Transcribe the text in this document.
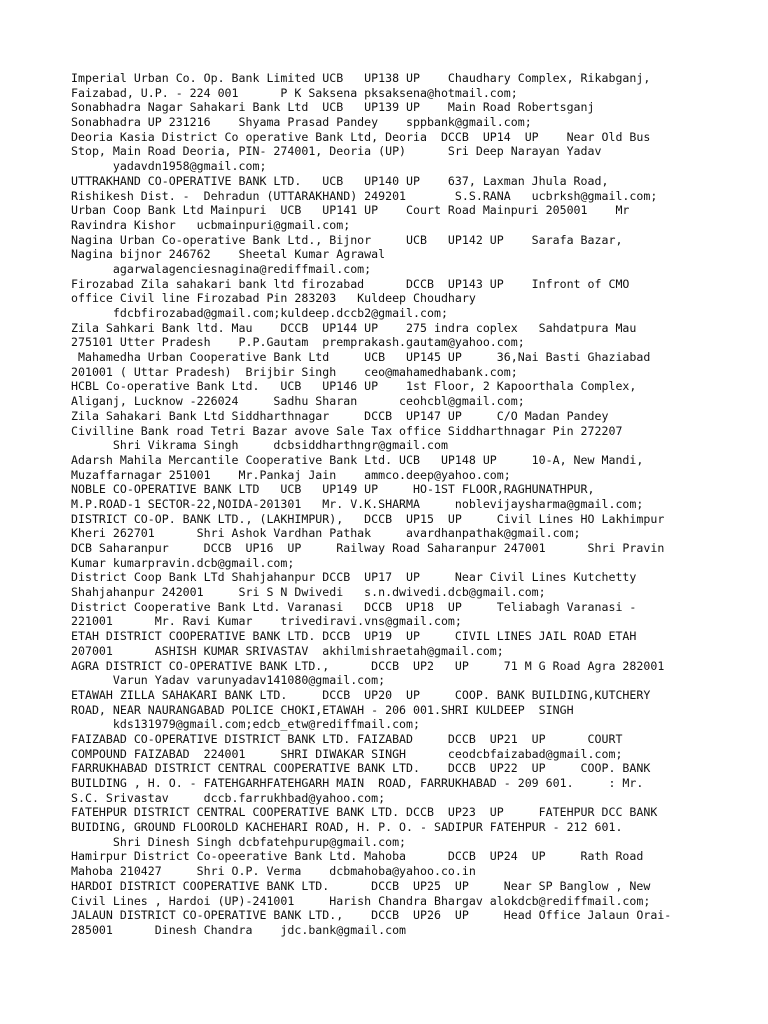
Imperial Urban Co. Op. Bank Limited UCB   UP138 UP    Chaudhary Complex, Rikabganj,
Faizabad, U.P. - 224 001      P K Saksena pksaksena@hotmail.com;
Sonabhadra Nagar Sahakari Bank Ltd  UCB   UP139 UP    Main Road Robertsganj
Sonabhadra UP 231216    Shyama Prasad Pandey    sppbank@gmail.com;
Deoria Kasia District Co operative Bank Ltd, Deoria  DCCB  UP14  UP    Near Old Bus
Stop, Main Road Deoria, PIN- 274001, Deoria (UP)      Sri Deep Narayan Yadav
yadavdn1958@gmail.com;
UTTRAKHAND CO-OPERATIVE BANK LTD.   UCB   UP140 UP    637, Laxman Jhula Road,
Rishikesh Dist. -  Dehradun (UTTARAKHAND) 249201       S.S.RANA   ucbrksh@gmail.com;
Urban Coop Bank Ltd Mainpuri  UCB   UP141 UP    Court Road Mainpuri 205001    Mr
Ravindra Kishor   ucbmainpuri@gmail.com;
Nagina Urban Co-operative Bank Ltd., Bijnor     UCB   UP142 UP    Sarafa Bazar,
Nagina bijnor 246762    Sheetal Kumar Agrawal
agarwalagenciesnagina@rediffmail.com;
Firozabad Zila sahakari bank ltd firozabad      DCCB  UP143 UP    Infront of CMO
office Civil line Firozabad Pin 283203   Kuldeep Choudhary
fdcbfirozabad@gmail.com;kuldeep.dccb2@gmail.com;
Zila Sahkari Bank ltd. Mau    DCCB  UP144 UP    275 indra coplex   Sahdatpura Mau
275101 Utter Pradesh    P.P.Gautam  premprakash.gautam@yahoo.com;
Mahamedha Urban Cooperative Bank Ltd     UCB   UP145 UP     36,Nai Basti Ghaziabad
201001 ( Uttar Pradesh)  Brijbir Singh    ceo@mahamedhabank.com;
HCBL Co-operative Bank Ltd.   UCB   UP146 UP    1st Floor, 2 Kapoorthala Complex,
Aliganj, Lucknow -226024     Sadhu Sharan      ceohcbl@gmail.com;
Zila Sahakari Bank Ltd Siddharthnagar     DCCB  UP147 UP     C/O Madan Pandey
Civilline Bank road Tetri Bazar avove Sale Tax office Siddharthnagar Pin 272207
Shri Vikrama Singh     dcbsiddharthngr@gmail.com
Adarsh Mahila Mercantile Cooperative Bank Ltd. UCB   UP148 UP     10-A, New Mandi,
Muzaffarnagar 251001    Mr.Pankaj Jain    ammco.deep@yahoo.com;
NOBLE CO-OPERATIVE BANK LTD   UCB   UP149 UP     HO-1ST FLOOR,RAGHUNATHPUR,
M.P.ROAD-1 SECTOR-22,NOIDA-201301   Mr. V.K.SHARMA     noblevijaysharma@gmail.com;
DISTRICT CO-OP. BANK LTD., (LAKHIMPUR),   DCCB  UP15  UP     Civil Lines HO Lakhimpur
Kheri 262701      Shri Ashok Vardhan Pathak     avardhanpathak@gmail.com;
DCB Saharanpur     DCCB  UP16  UP     Railway Road Saharanpur 247001      Shri Pravin
Kumar kumarpravin.dcb@gmail.com;
District Coop Bank LTd Shahjahanpur DCCB  UP17  UP     Near Civil Lines Kutchetty
Shahjahanpur 242001     Sri S N Dwivedi   s.n.dwivedi.dcb@gmail.com;
District Cooperative Bank Ltd. Varanasi   DCCB  UP18  UP     Teliabagh Varanasi -
221001      Mr. Ravi Kumar    trivediravi.vns@gmail.com;
ETAH DISTRICT COOPERATIVE BANK LTD. DCCB  UP19  UP     CIVIL LINES JAIL ROAD ETAH
207001      ASHISH KUMAR SRIVASTAV  akhilmishraetah@gmail.com;
AGRA DISTRICT CO-OPERATIVE BANK LTD.,      DCCB  UP2   UP     71 M G Road Agra 282001
Varun Yadav varunyadav141080@gmail.com;
ETAWAH ZILLA SAHAKARI BANK LTD.     DCCB  UP20  UP     COOP. BANK BUILDING,KUTCHERY
ROAD, NEAR NAURANGABAD POLICE CHOKI,ETAWAH - 206 001.SHRI KULDEEP  SINGH
kds131979@gmail.com;edcb_etw@rediffmail.com;
FAIZABAD CO-OPERATIVE DISTRICT BANK LTD. FAIZABAD     DCCB  UP21  UP      COURT
COMPOUND FAIZABAD  224001     SHRI DIWAKAR SINGH      ceodcbfaizabad@gmail.com;
FARRUKHABAD DISTRICT CENTRAL COOPERATIVE BANK LTD.    DCCB  UP22  UP     COOP. BANK
BUILDING , H. O. - FATEHGARHFATEHGARH MAIN  ROAD, FARRUKHABAD - 209 601.     : Mr.
S.C. Srivastav     dccb.farrukhbad@yahoo.com;
FATEHPUR DISTRICT CENTRAL COOPERATIVE BANK LTD. DCCB  UP23  UP     FATEHPUR DCC BANK
BUIDING, GROUND FLOOROLD KACHEHARI ROAD, H. P. O. - SADIPUR FATEHPUR - 212 601.
Shri Dinesh Singh dcbfatehpurup@gmail.com;
Hamirpur District Co-opeerative Bank Ltd. Mahoba      DCCB  UP24  UP     Rath Road
Mahoba 210427     Shri O.P. Verma    dcbmahoba@yahoo.co.in
HARDOI DISTRICT COOPERATIVE BANK LTD.      DCCB  UP25  UP     Near SP Banglow , New
Civil Lines , Hardoi (UP)-241001     Harish Chandra Bhargav alokdcb@rediffmail.com;
JALAUN DISTRICT CO-OPERATIVE BANK LTD.,    DCCB  UP26  UP     Head Office Jalaun Orai-
285001      Dinesh Chandra    jdc.bank@gmail.com
